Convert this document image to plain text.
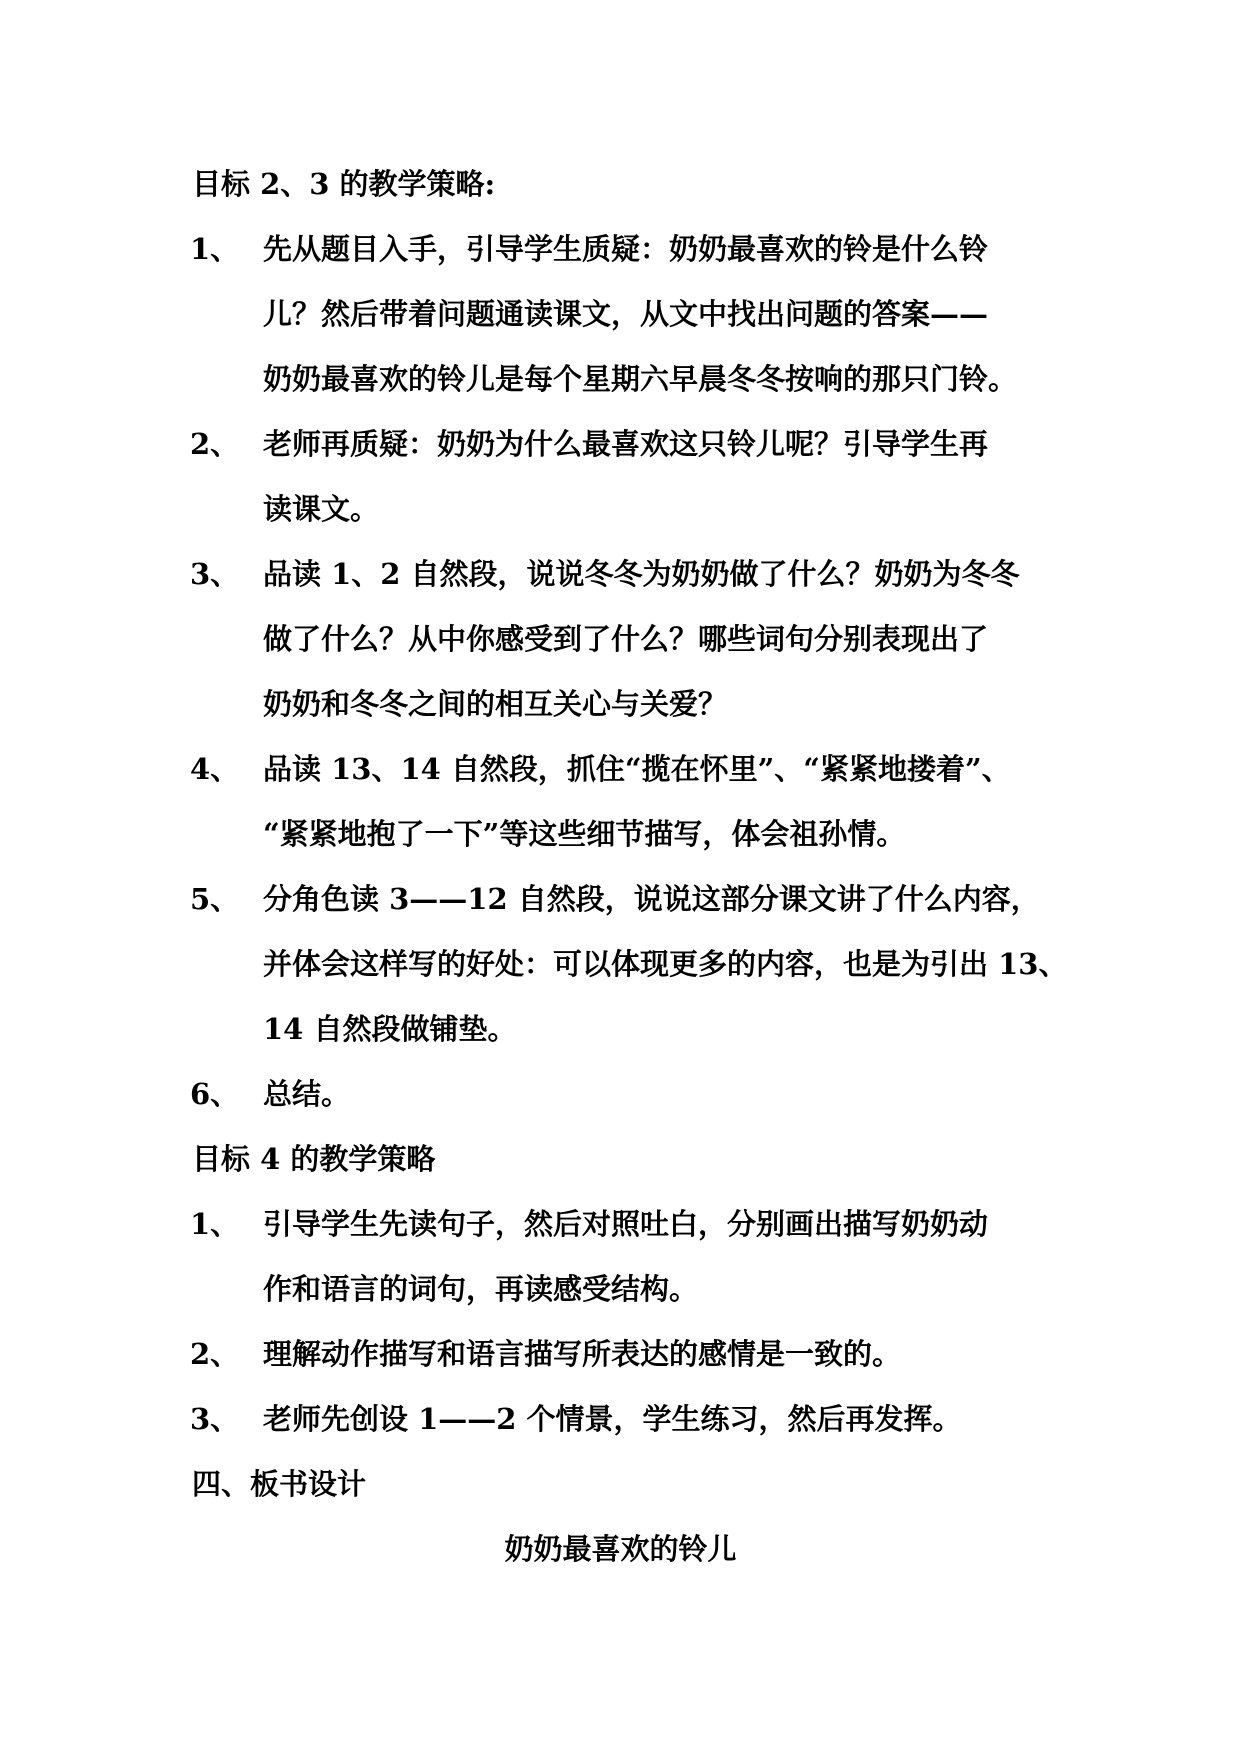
目标 2、3 的教学策略:
1、 先从题目入手，引导学生质疑：奶奶最喜欢的铃是什么铃
儿？然后带着问题通读课文，从文中找出问题的答案——
奶奶最喜欢的铃儿是每个星期六早晨冬冬按响的那只门铃。
2、 老师再质疑：奶奶为什么最喜欢这只铃儿呢？引导学生再
读课文。
3、 品读 1、2 自然段，说说冬冬为奶奶做了什么？奶奶为冬冬
做了什么？从中你感受到了什么？哪些词句分别表现出了
奶奶和冬冬之间的相互关心与关爱？
4、 品读 13、14 自然段，抓住“揽在怀里”、“紧紧地搂着”、
“紧紧地抱了一下”等这些细节描写，体会祖孙情。
5、 分角色读 3——12 自然段，说说这部分课文讲了什么内容，
并体会这样写的好处：可以体现更多的内容，也是为引出 13、
14 自然段做铺垫。
6、 总结。
目标 4 的教学策略
1、 引导学生先读句子，然后对照吐白，分别画出描写奶奶动
作和语言的词句，再读感受结构。
2、 理解动作描写和语言描写所表达的感情是一致的。
3、 老师先创设 1——2 个情景，学生练习，然后再发挥。
四、板书设计
奶奶最喜欢的铃儿
